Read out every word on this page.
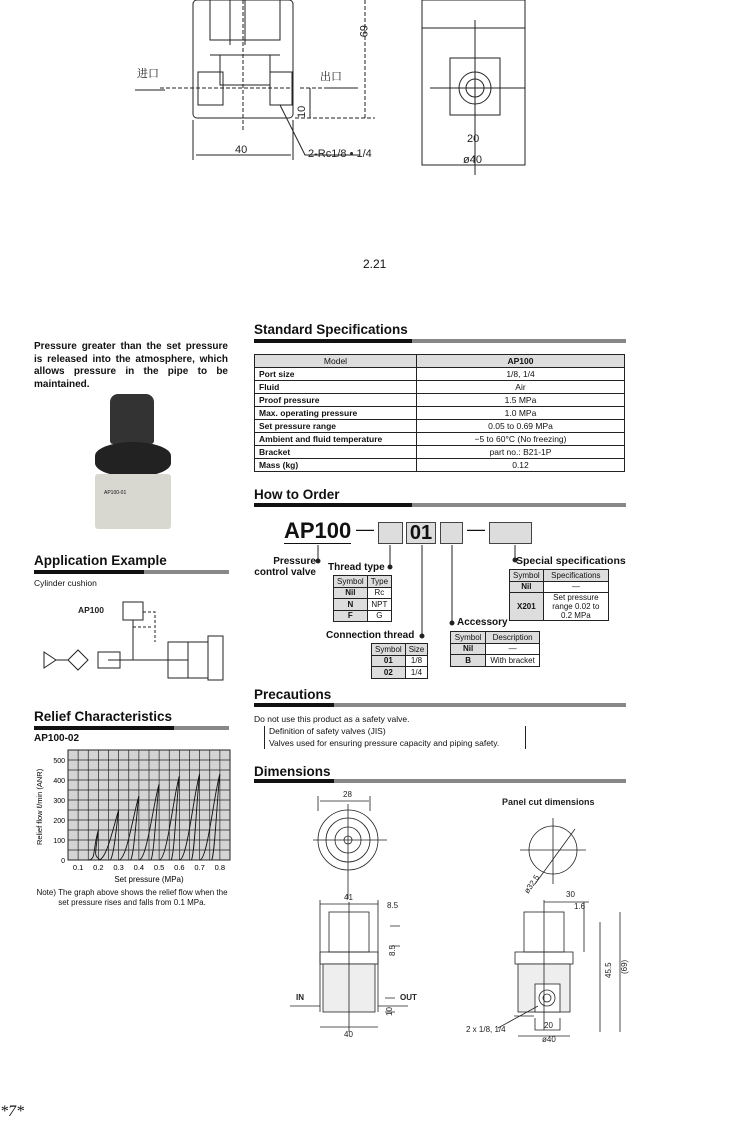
进口	出口
69
10
40	2-Rc1/8 • 1/4
20
ø40
2.21
Pressure greater than the set pressure is released into the atmosphere, which allows pressure in the pipe to be maintained.
AP100-01
Application Example
Cylinder cushion
AP100
Relief Characteristics
AP100-02
0
100
200
300
400
500
0.1 0.2 0.3 0.4 0.5 0.6 0.7 0.8
Set pressure (MPa)
Relief flow ℓ/min (ANR)
Note) The graph above shows the relief flow when the set pressure rises and falls from 0.1 MPa.
Standard Specifications
Model	AP100
Port size	1/8, 1/4
Fluid	Air
Proof pressure	1.5 MPa
Max. operating pressure	1.0 MPa
Set pressure range	0.05 to 0.69 MPa
Ambient and fluid temperature	−5 to 60°C (No freezing)
Bracket	part no.: B21-1P
Mass (kg)	0.12
How to Order
AP100 — 01 —
Pressure control valve Thread type
Symbol	Type
Nil	Rc
N	NPT
F	G
Connection thread
Symbol	Size
01	1/8
02	1/4
Accessory
Symbol	Description
Nil	—
B	With bracket
Special specifications
Symbol	Specifications
Nil	—
X201	Set pressure range 0.02 to 0.2 MPa
Precautions
Do not use this product as a safety valve.
Definition of safety valves (JIS)
Valves used for ensuring pressure capacity and piping safety.
Dimensions
28
Panel cut dimensions
41
8.5
8.5
IN	OUT
10
40
ø32.5	30
1.6
45.5 (69)
2 x 1/8, 1/4	20
ø40
*7*
